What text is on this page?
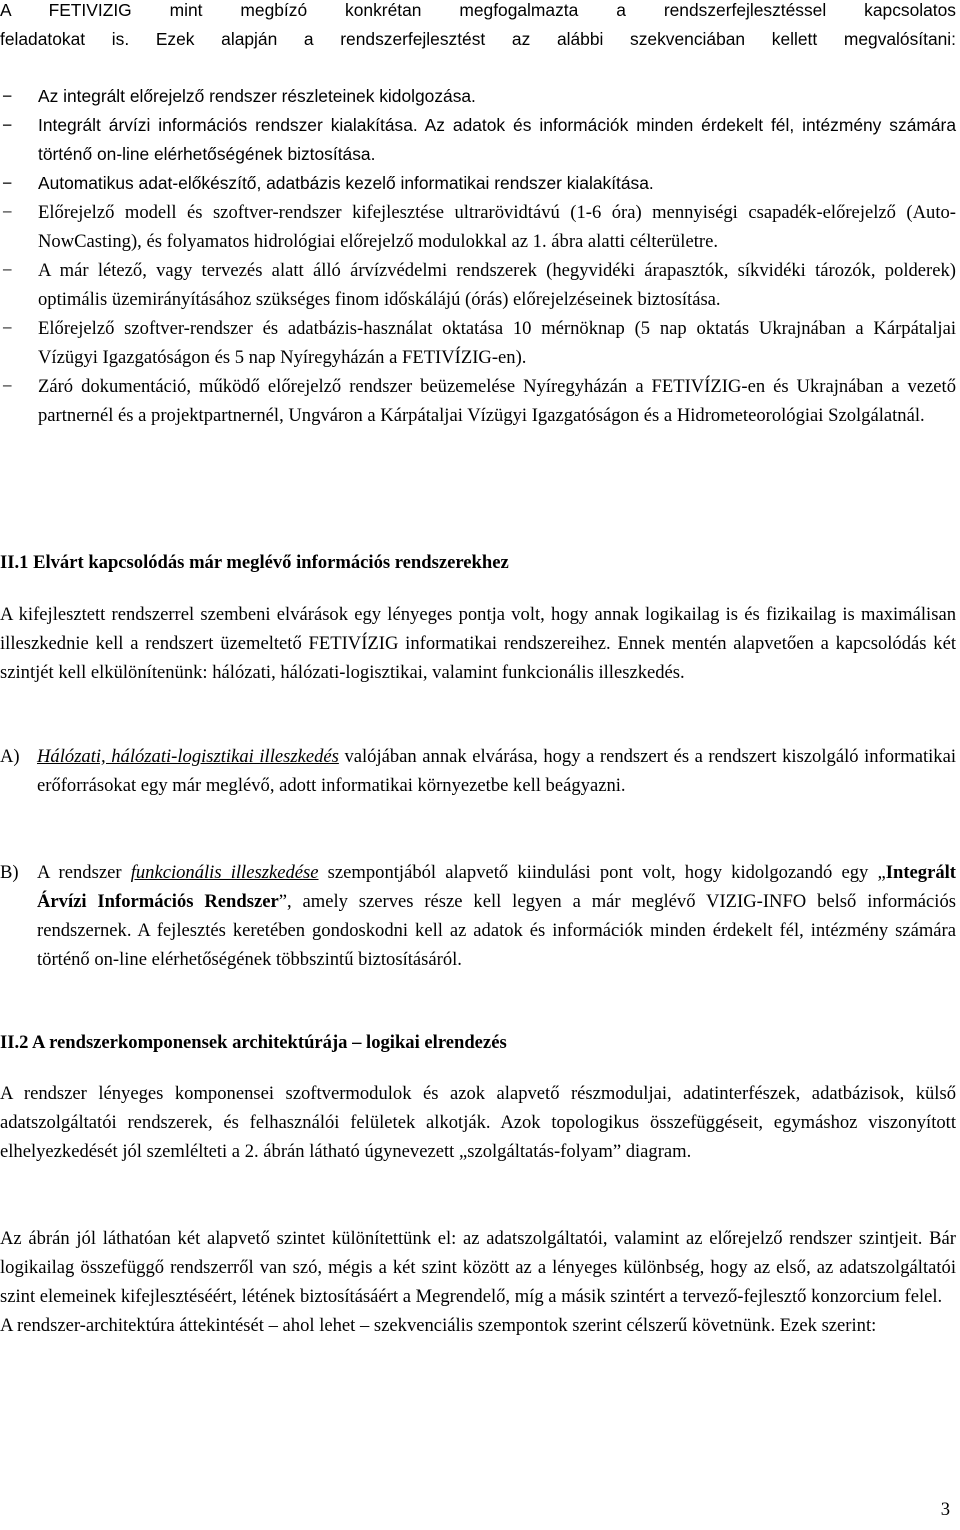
A FETIVIZIG mint megbízó konkrétan megfogalmazta a rendszerfejlesztéssel kapcsolatos

feladatokat is. Ezek alapján a rendszerfejlesztést az alábbi szekvenciában kellett megvalósítani:

− Az integrált előrejelző rendszer részleteinek kidolgozása.
− Integrált árvízi információs rendszer kialakítása. Az adatok és információk minden érdekelt fél, intézmény számára történő on-line elérhetőségének biztosítása.
− Automatikus adat-előkészítő, adatbázis kezelő informatikai rendszer kialakítása.
− Előrejelző modell és szoftver-rendszer kifejlesztése ultrarövidtávú (1-6 óra) mennyiségi csapadék-előrejelző (Auto-NowCasting), és folyamatos hidrológiai előrejelző modulokkal az 1. ábra alatti célterületre.
− A már létező, vagy tervezés alatt álló árvízvédelmi rendszerek (hegyvidéki árapasztók, síkvidéki tározók, polderek) optimális üzemirányításához szükséges finom időskálájú (órás) előrejelzéseinek biztosítása.
− Előrejelző szoftver-rendszer és adatbázis-használat oktatása 10 mérnöknap (5 nap oktatás Ukrajnában a Kárpátaljai Vízügyi Igazgatóságon és 5 nap Nyíregyházán a FETIVÍZIG-en).
− Záró dokumentáció, működő előrejelző rendszer beüzemelése Nyíregyházán a FETIVÍZIG-en és Ukrajnában a vezető partnernél és a projektpartnernél, Ungváron a Kárpátaljai Vízügyi Igazgatóságon és a Hidrometeorológiai Szolgálatnál.

II.1 Elvárt kapcsolódás már meglévő információs rendszerekhez

A kifejlesztett rendszerrel szembeni elvárások egy lényeges pontja volt, hogy annak logikailag is és fizikailag is maximálisan illeszkednie kell a rendszert üzemeltető FETIVÍZIG informatikai rendszereihez. Ennek mentén alapvetően a kapcsolódás két szintjét kell elkülönítenünk: hálózati, hálózati-logisztikai, valamint funkcionális illeszkedés.

A) Hálózati, hálózati-logisztikai illeszkedés valójában annak elvárása, hogy a rendszert és a rendszert kiszolgáló informatikai erőforrásokat egy már meglévő, adott informatikai környezetbe kell beágyazni.

B) A rendszer funkcionális illeszkedése szempontjából alapvető kiindulási pont volt, hogy kidolgozandó egy „Integrált Árvízi Információs Rendszer”, amely szerves része kell legyen a már meglévő VIZIG-INFO belső információs rendszernek. A fejlesztés keretében gondoskodni kell az adatok és információk minden érdekelt fél, intézmény számára történő on-line elérhetőségének többszintű biztosításáról.

II.2 A rendszerkomponensek architektúrája – logikai elrendezés

A rendszer lényeges komponensei szoftvermodulok és azok alapvető részmoduljai, adatinterfészek, adatbázisok, külső adatszolgáltatói rendszerek, és felhasználói felületek alkotják. Azok topologikus összefüggéseit, egymáshoz viszonyított elhelyezkedését jól szemlélteti a 2. ábrán látható úgynevezett „szolgáltatás-folyam” diagram.

Az ábrán jól láthatóan két alapvető szintet különítettünk el: az adatszolgáltatói, valamint az előrejelző rendszer szintjeit. Bár logikailag összefüggő rendszerről van szó, mégis a két szint között az a lényeges különbség, hogy az első, az adatszolgáltatói szint elemeinek kifejlesztéséért, létének biztosításáért a Megrendelő, míg a másik szintért a tervező-fejlesztő konzorcium felel.

A rendszer-architektúra áttekintését – ahol lehet – szekvenciális szempontok szerint célszerű követnünk. Ezek szerint:

3
